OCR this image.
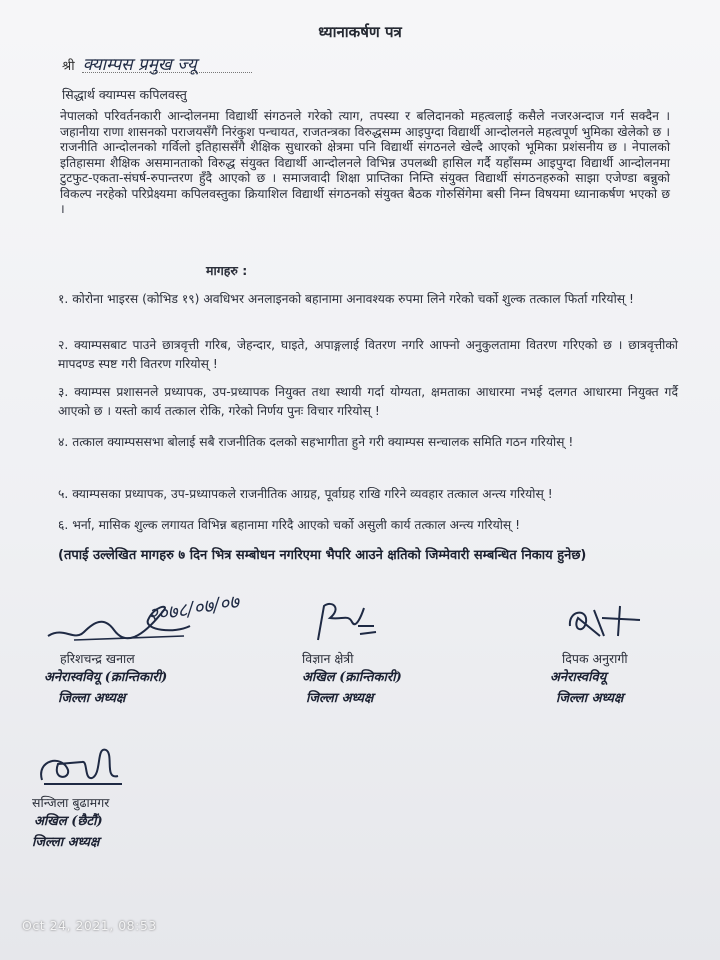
ध्यानाकर्षण पत्र
श्री क्याम्पस प्रमुख ज्यू
सिद्धार्थ क्याम्पस कपिलवस्तु
नेपालको परिवर्तनकारी आन्दोलनमा विद्यार्थी संगठनले गरेको त्याग, तपस्या र बलिदानको महत्वलाई कसैले नजरअन्दाज गर्न सक्दैन । जहानीया राणा शासनको पराजयसँगै निरंकुश पन्चायत, राजतन्त्रका विरुद्धसम्म आइपुग्दा विद्यार्थी आन्दोलनले महत्वपूर्ण भुमिका खेलेको छ । राजनीति आन्दोलनको गर्विलो इतिहाससँगै शैक्षिक सुधारको क्षेत्रमा पनि विद्यार्थी संगठनले खेल्दै आएको भूमिका प्रशंसनीय छ । नेपालको इतिहासमा शैक्षिक असमानताको विरुद्ध संयुक्त विद्यार्थी आन्दोलनले विभिन्न उपलब्धी हासिल गर्दै यहाँसम्म आइपुग्दा विद्यार्थी आन्दोलनमा टुटफुट-एकता-संघर्ष-रुपान्तरण हुँदै आएको छ । समाजवादी शिक्षा प्राप्तिका निम्ति संयुक्त विद्यार्थी संगठनहरुको साझा एजेण्डा बन्नुको विकल्प नरहेको परिप्रेक्ष्यमा कपिलवस्तुका क्रियाशिल विद्यार्थी संगठनको संयुक्त बैठक गोरुसिंगेमा बसी निम्न विषयमा ध्यानाकर्षण भएको छ ।
मागहरु :
१. कोरोना भाइरस (कोभिड १९) अवधिभर अनलाइनको बहानामा अनावश्यक रुपमा लिने गरेको चर्को शुल्क तत्काल फिर्ता गरियोस् !
२. क्याम्पसबाट पाउने छात्रवृत्ती गरिब, जेहन्दार, घाइते, अपाङ्गलाई वितरण नगरि आफ्नो अनुकुलतामा वितरण गरिएको छ । छात्रवृत्तीको मापदण्ड स्पष्ट गरी वितरण गरियोस् !
३. क्याम्पस प्रशासनले प्रध्यापक, उप-प्रध्यापक नियुक्त तथा स्थायी गर्दा योग्यता, क्षमताका आधारमा नभई दलगत आधारमा नियुक्त गर्दै आएको छ । यस्तो कार्य तत्काल रोकि, गरेको निर्णय पुनः विचार गरियोस् !
४. तत्काल क्याम्पससभा बोलाई सबै राजनीतिक दलको सहभागीता हुने गरी क्याम्पस सन्चालक समिति गठन गरियोस् !
५. क्याम्पसका प्रध्यापक, उप-प्रध्यापकले राजनीतिक आग्रह, पूर्वाग्रह राखि गरिने व्यवहार तत्काल अन्त्य गरियोस् !
६. भर्ना, मासिक शुल्क लगायत विभिन्न बहानामा गरिदै आएको चर्को असुली कार्य तत्काल अन्त्य गरियोस् !
(तपाई उल्लेखित मागहरु ७ दिन भित्र सम्बोधन नगरिएमा भैपरि आउने क्षतिको जिम्मेवारी सम्बन्धित निकाय हुनेछ)
हरिशचन्द्र खनाल
अनेरास्ववियू (क्रान्तिकारी)
जिल्ला अध्यक्ष
२०७८/०७/०७
विज्ञान क्षेत्री
अखिल (क्रान्तिकारी)
जिल्ला अध्यक्ष
दिपक अनुरागी
अनेरास्ववियू
जिल्ला अध्यक्ष
सन्जिला बुढामगर
अखिल (छैटौं)
जिल्ला अध्यक्ष
Oct 24, 2021, 08:53
